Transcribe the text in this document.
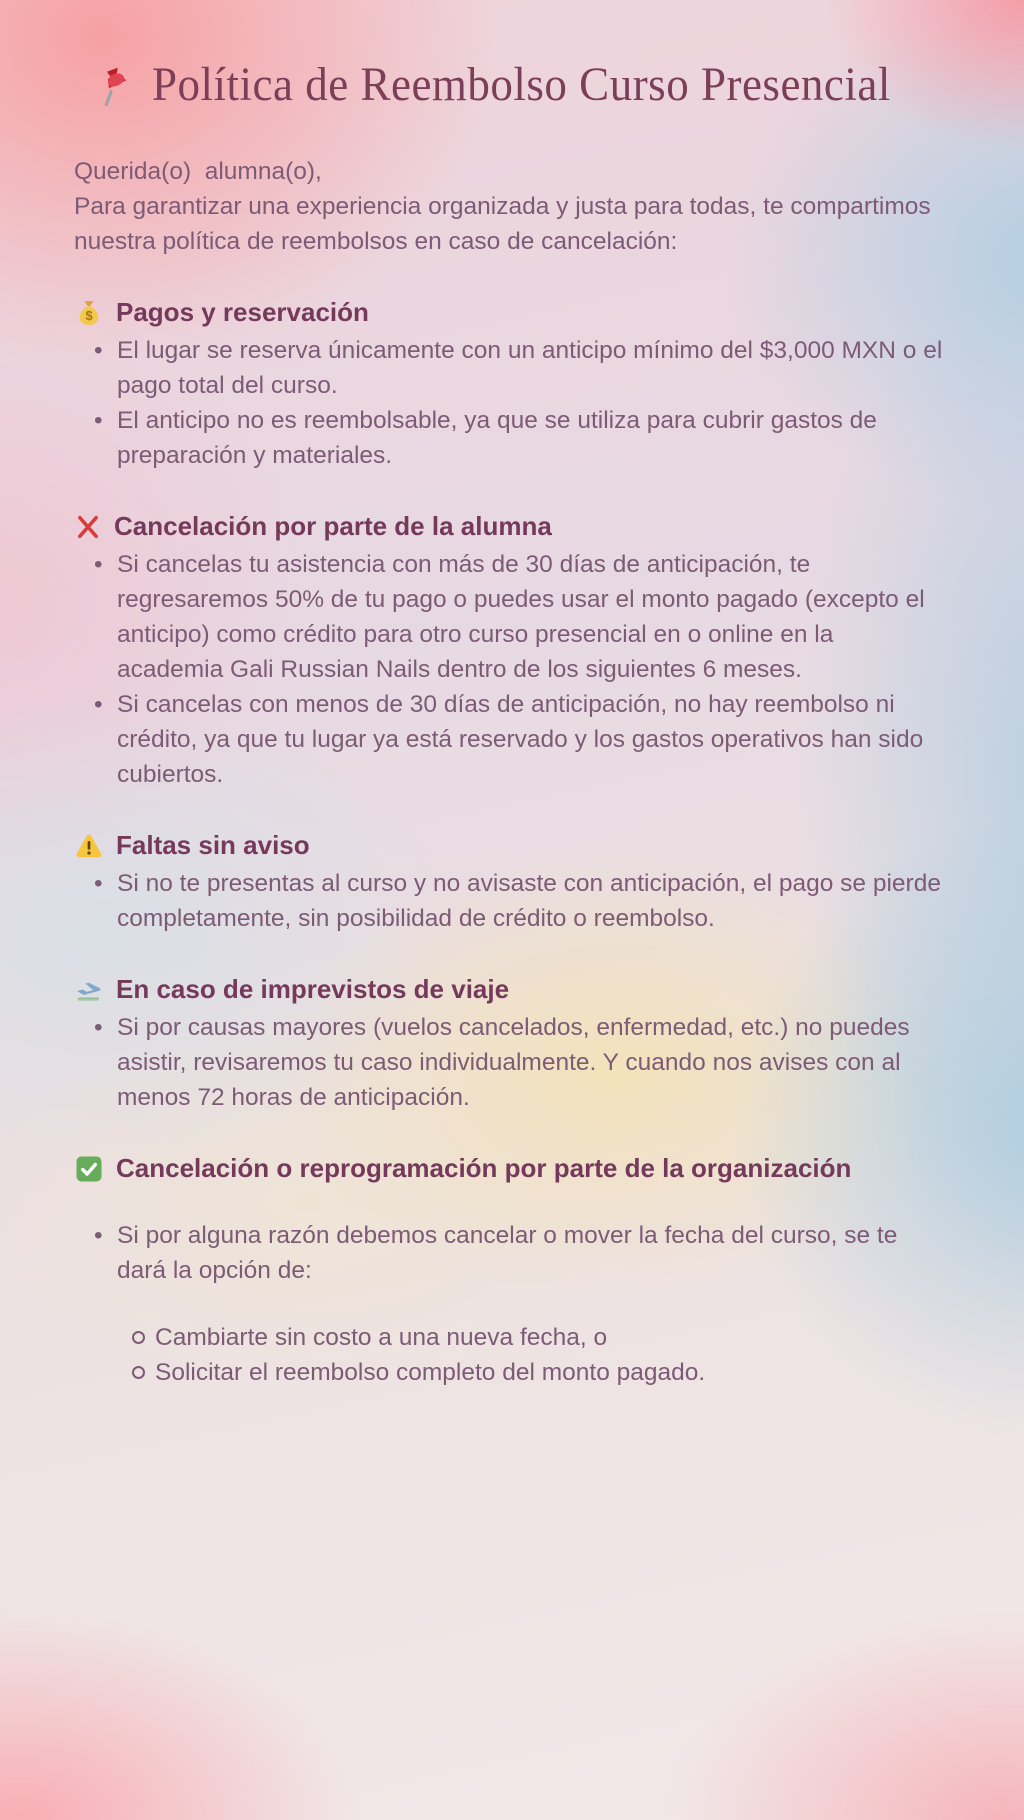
Política de Reembolso Curso Presencial

Querida(o)  alumna(o),
Para garantizar una experiencia organizada y justa para todas, te compartimos nuestra política de reembolsos en caso de cancelación:

$ Pagos y reservación
• El lugar se reserva únicamente con un anticipo mínimo del $3,000 MXN o el pago total del curso.
• El anticipo no es reembolsable, ya que se utiliza para cubrir gastos de preparación y materiales.
Cancelación por parte de la alumna
• Si cancelas tu asistencia con más de 30 días de anticipación, te regresaremos 50% de tu pago o puedes usar el monto pagado (excepto el anticipo) como crédito para otro curso presencial en o online en la academia Gali Russian Nails dentro de los siguientes 6 meses.
• Si cancelas con menos de 30 días de anticipación, no hay reembolso ni crédito, ya que tu lugar ya está reservado y los gastos operativos han sido cubiertos.
Faltas sin aviso
• Si no te presentas al curso y no avisaste con anticipación, el pago se pierde completamente, sin posibilidad de crédito o reembolso.
En caso de imprevistos de viaje
• Si por causas mayores (vuelos cancelados, enfermedad, etc.) no puedes asistir, revisaremos tu caso individualmente. Y cuando nos avises con al menos 72 horas de anticipación.
Cancelación o reprogramación por parte de la organización
• Si por alguna razón debemos cancelar o mover la fecha del curso, se te dará la opción de:
Cambiarte sin costo a una nueva fecha, o
Solicitar el reembolso completo del monto pagado.
